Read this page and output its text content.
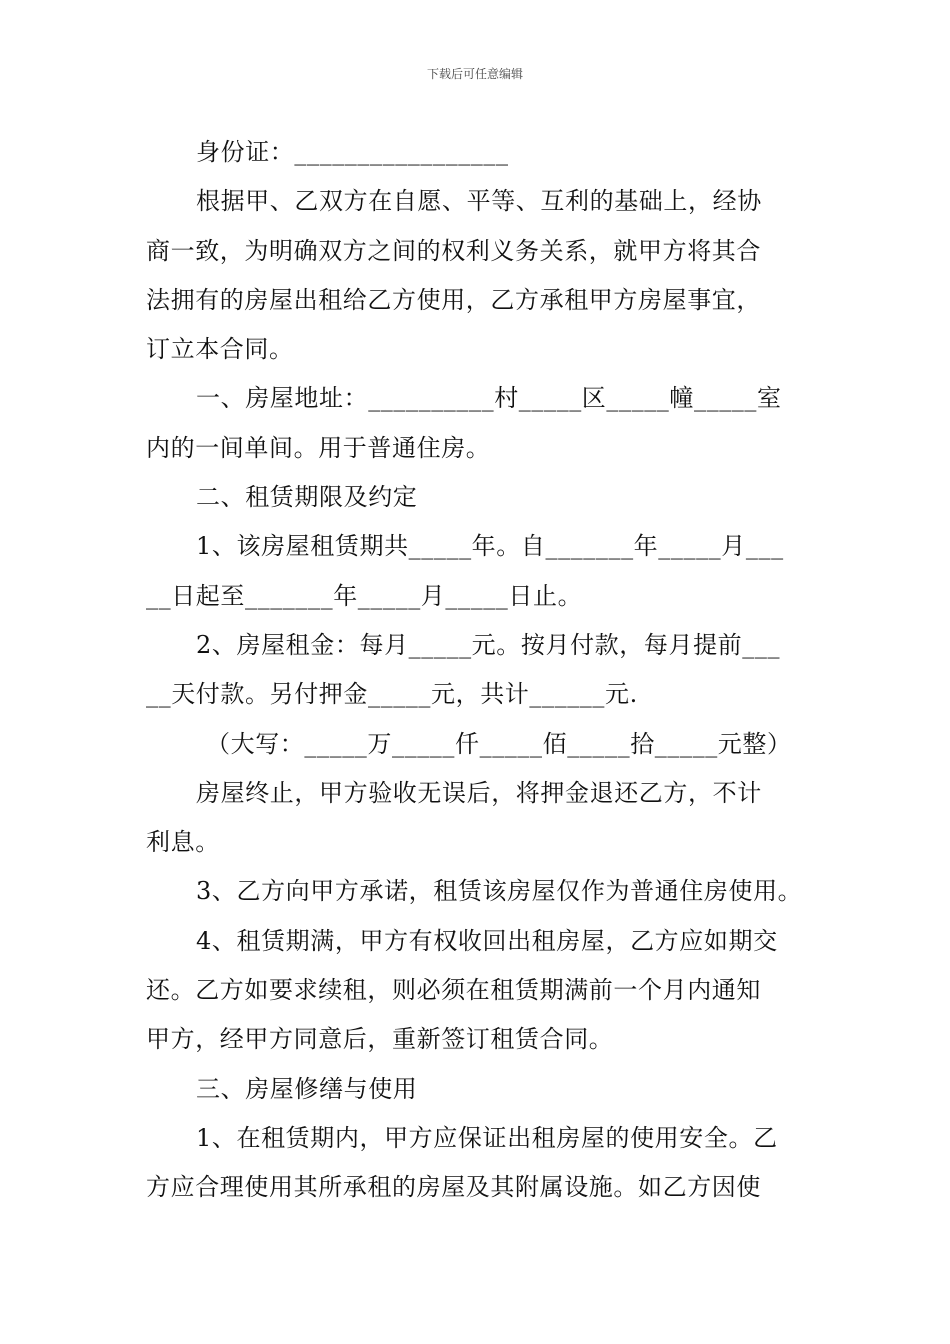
下载后可任意编辑
身份证：_________________
根据甲、乙双方在自愿、平等、互利的基础上，经协
商一致，为明确双方之间的权利义务关系，就甲方将其合
法拥有的房屋出租给乙方使用，乙方承租甲方房屋事宜，
订立本合同。
一、房屋地址：__________村_____区_____幢_____室
内的一间单间。用于普通住房。
二、租赁期限及约定
1、该房屋租赁期共_____年。自_______年_____月___
__日起至_______年_____月_____日止。
2、房屋租金：每月_____元。按月付款，每月提前___
__天付款。另付押金_____元，共计______元.
（大写：_____万_____仟_____佰_____拾_____元整）
房屋终止，甲方验收无误后，将押金退还乙方，不计
利息。
3、乙方向甲方承诺，租赁该房屋仅作为普通住房使用。
4、租赁期满，甲方有权收回出租房屋，乙方应如期交
还。乙方如要求续租，则必须在租赁期满前一个月内通知
甲方，经甲方同意后，重新签订租赁合同。
三、房屋修缮与使用
1、在租赁期内，甲方应保证出租房屋的使用安全。乙
方应合理使用其所承租的房屋及其附属设施。如乙方因使
